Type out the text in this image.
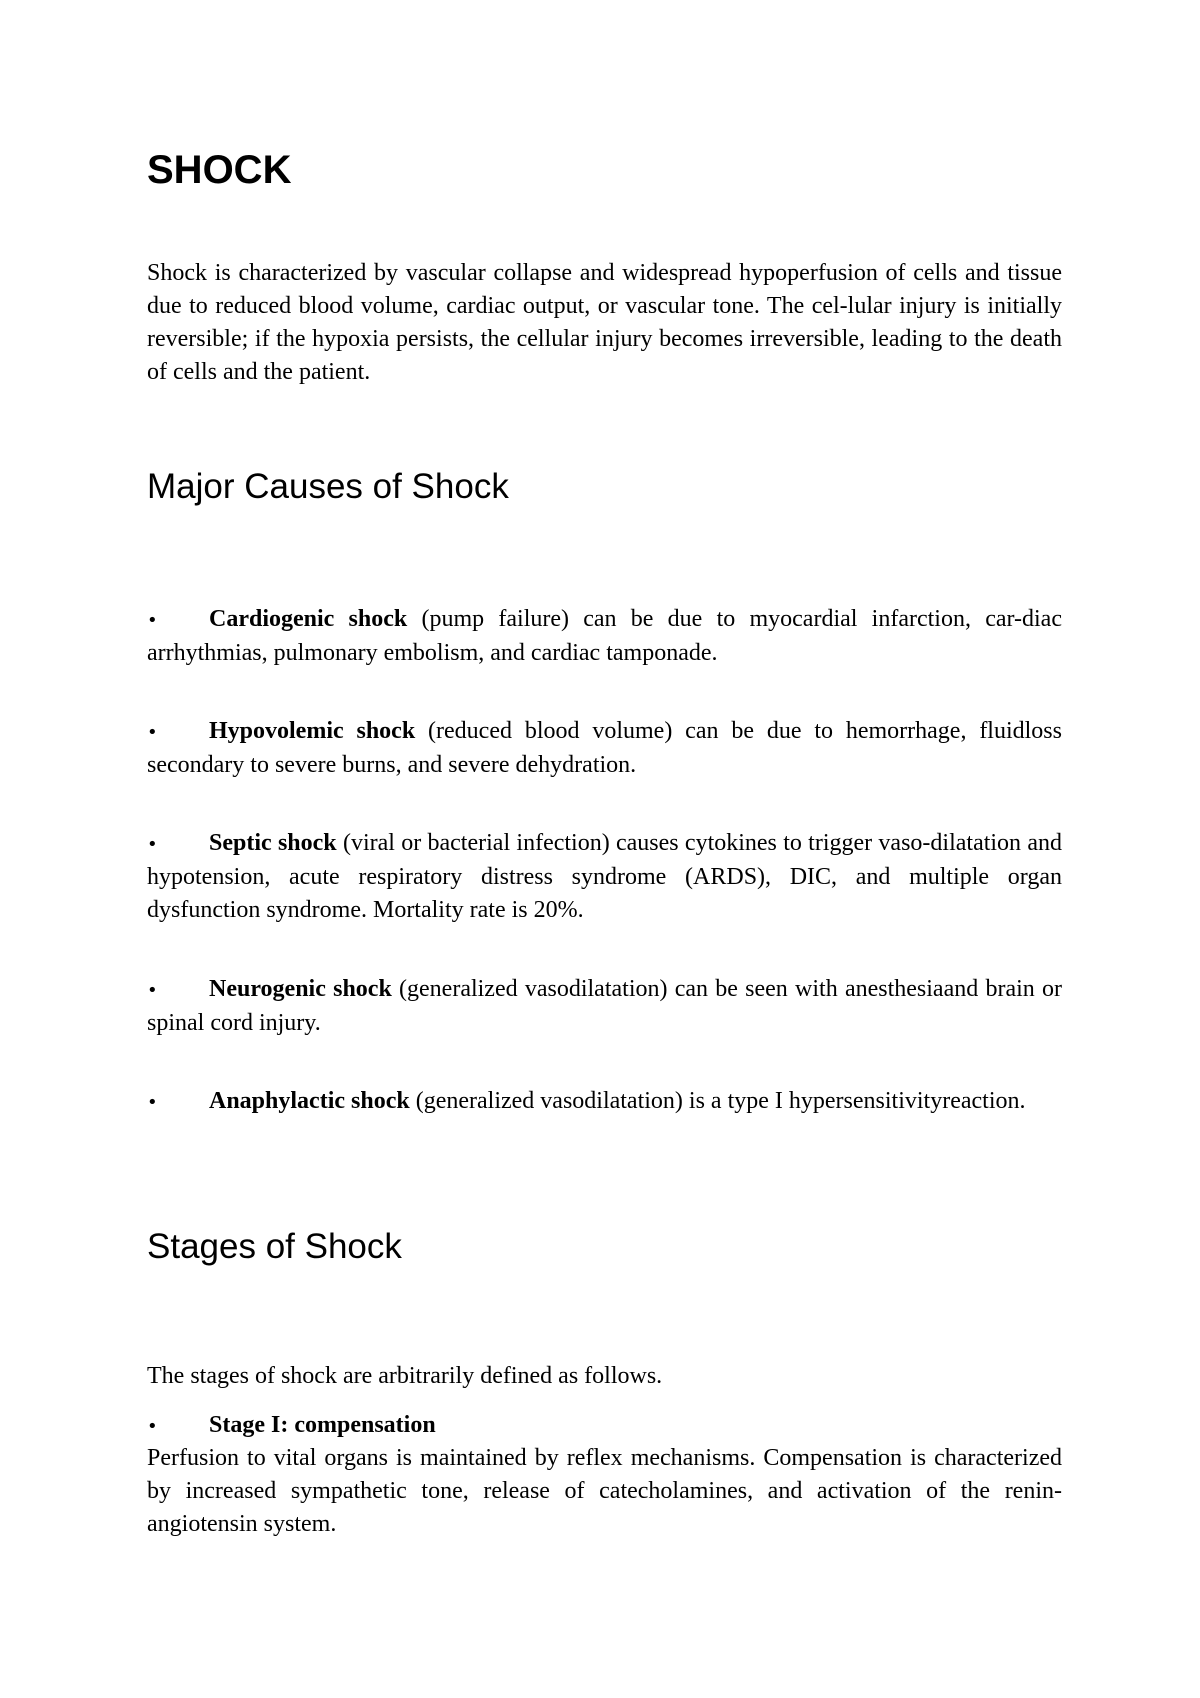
SHOCK

Shock is characterized by vascular collapse and widespread hypoperfusion of cells and tissue due to reduced blood volume, cardiac output, or vascular tone. The cel-lular injury is initially reversible; if the hypoxia persists, the cellular injury becomes irreversible, leading to the death of cells and the patient.

Major Causes of Shock

• Cardiogenic shock (pump failure) can be due to myocardial infarction, car-diac arrhythmias, pulmonary embolism, and cardiac tamponade.

• Hypovolemic shock (reduced blood volume) can be due to hemorrhage, fluidloss secondary to severe burns, and severe dehydration.

• Septic shock (viral or bacterial infection) causes cytokines to trigger vaso-dilatation and hypotension, acute respiratory distress syndrome (ARDS), DIC, and multiple organ dysfunction syndrome. Mortality rate is 20%.

• Neurogenic shock (generalized vasodilatation) can be seen with anesthesiaand brain or spinal cord injury.

• Anaphylactic shock (generalized vasodilatation) is a type I hypersensitivityreaction.

Stages of Shock

The stages of shock are arbitrarily defined as follows.

• Stage I: compensation

Perfusion to vital organs is maintained by reflex mechanisms. Compensation is characterized by increased sympathetic tone, release of catecholamines, and activation of the renin-angiotensin system.
